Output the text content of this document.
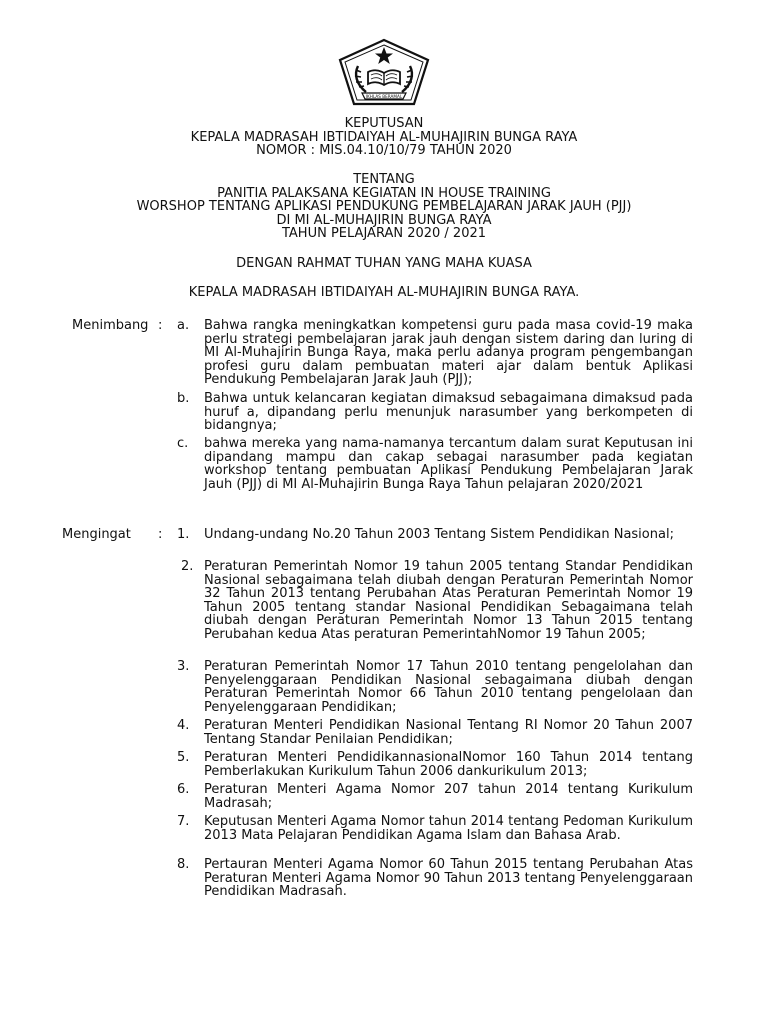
IKHLAS BERAMAL
KEPUTUSAN
KEPALA MADRASAH IBTIDAIYAH AL-MUHAJIRIN BUNGA RAYA
NOMOR : MIS.04.10/10/79 TAHUN 2020
TENTANG
PANITIA PALAKSANA KEGIATAN IN HOUSE TRAINING
WORSHOP TENTANG APLIKASI PENDUKUNG PEMBELAJARAN JARAK JAUH (PJJ)
DI MI AL-MUHAJIRIN BUNGA RAYA
TAHUN PELAJARAN 2020 / 2021
DENGAN RAHMAT TUHAN YANG MAHA KUASA
KEPALA MADRASAH IBTIDAIYAH AL-MUHAJIRIN BUNGA RAYA.
Menimbang : a. Bahwa rangka meningkatkan kompetensi guru pada masa covid-19 maka perlu strategi pembelajaran jarak jauh dengan sistem daring dan luring di MI Al-Muhajirin Bunga Raya, maka perlu adanya program pengembangan profesi guru dalam pembuatan materi ajar dalam bentuk Aplikasi Pendukung Pembelajaran Jarak Jauh (PJJ);
b. Bahwa untuk kelancaran kegiatan dimaksud sebagaimana dimaksud pada huruf a, dipandang perlu menunjuk narasumber yang berkompeten di bidangnya;
c. bahwa mereka yang nama-namanya tercantum dalam surat Keputusan ini dipandang mampu dan cakap sebagai narasumber pada kegiatan workshop tentang pembuatan Aplikasi Pendukung Pembelajaran Jarak Jauh (PJJ) di MI Al-Muhajirin Bunga Raya Tahun pelajaran 2020/2021
Mengingat : 1. Undang-undang No.20 Tahun 2003 Tentang Sistem Pendidikan Nasional;
2. Peraturan Pemerintah Nomor 19 tahun 2005 tentang Standar Pendidikan Nasional sebagaimana telah diubah dengan Peraturan Pemerintah Nomor 32 Tahun 2013 tentang Perubahan Atas Peraturan Pemerintah Nomor 19 Tahun 2005 tentang standar Nasional Pendidikan Sebagaimana telah diubah dengan Peraturan Pemerintah Nomor 13 Tahun 2015 tentang Perubahan kedua Atas peraturan PemerintahNomor 19 Tahun 2005;
3. Peraturan Pemerintah Nomor 17 Tahun 2010 tentang pengelolahan dan Penyelenggaraan Pendidikan Nasional sebagaimana diubah dengan Peraturan Pemerintah Nomor 66 Tahun 2010 tentang pengelolaan dan Penyelenggaraan Pendidikan;
4. Peraturan Menteri Pendidikan Nasional Tentang RI Nomor 20 Tahun 2007 Tentang Standar Penilaian Pendidikan;
5. Peraturan Menteri PendidikannasionalNomor 160 Tahun 2014 tentang Pemberlakukan Kurikulum Tahun 2006 dankurikulum 2013;
6. Peraturan Menteri Agama Nomor 207 tahun 2014 tentang Kurikulum Madrasah;
7. Keputusan Menteri Agama Nomor tahun 2014 tentang Pedoman Kurikulum 2013 Mata Pelajaran Pendidikan Agama Islam dan Bahasa Arab.
8. Pertauran Menteri Agama Nomor 60 Tahun 2015 tentang Perubahan Atas Peraturan Menteri Agama Nomor 90 Tahun 2013 tentang Penyelenggaraan Pendidikan Madrasah.
